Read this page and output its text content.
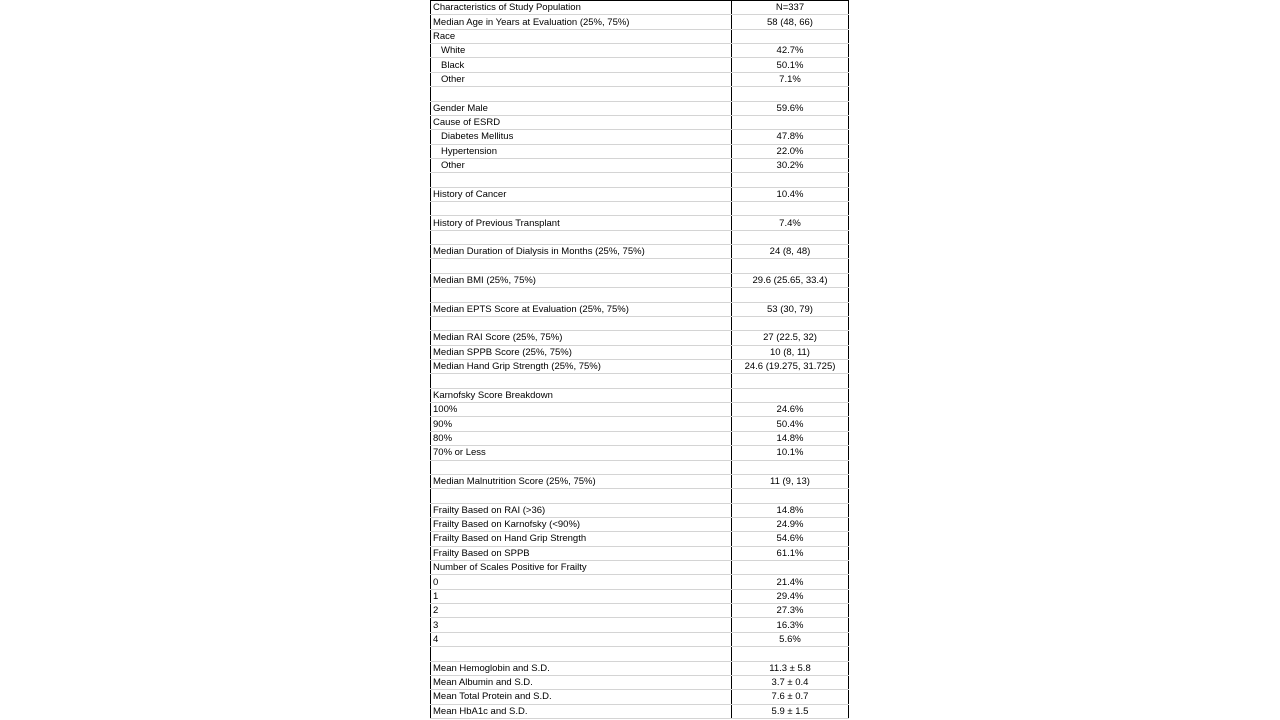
Characteristics of Study Population	N=337
Median Age in Years at Evaluation (25%, 75%)	58 (48, 66)
Race	
White	42.7%
Black	50.1%
Other	7.1%

Gender Male	59.6%
Cause of ESRD	
Diabetes Mellitus	47.8%
Hypertension	22.0%
Other	30.2%

History of Cancer	10.4%

History of Previous Transplant	7.4%

Median Duration of Dialysis in Months (25%, 75%)	24 (8, 48)

Median BMI (25%, 75%)	29.6 (25.65, 33.4)

Median EPTS Score at Evaluation (25%, 75%)	53 (30, 79)

Median RAI Score (25%, 75%)	27 (22.5, 32)
Median SPPB Score (25%, 75%)	10 (8, 11)
Median Hand Grip Strength (25%, 75%)	24.6 (19.275, 31.725)

Karnofsky Score Breakdown	
100%	24.6%
90%	50.4%
80%	14.8%
70% or Less	10.1%

Median Malnutrition Score (25%, 75%)	11 (9, 13)

Frailty Based on RAI (>36)	14.8%
Frailty Based on Karnofsky (<90%)	24.9%
Frailty Based on Hand Grip Strength	54.6%
Frailty Based on SPPB	61.1%
Number of Scales Positive for Frailty	
0	21.4%
1	29.4%
2	27.3%
3	16.3%
4	5.6%

Mean Hemoglobin and S.D.	11.3 ± 5.8
Mean Albumin and S.D.	3.7 ± 0.4
Mean Total Protein and S.D.	7.6 ± 0.7
Mean HbA1c and S.D.	5.9 ± 1.5
